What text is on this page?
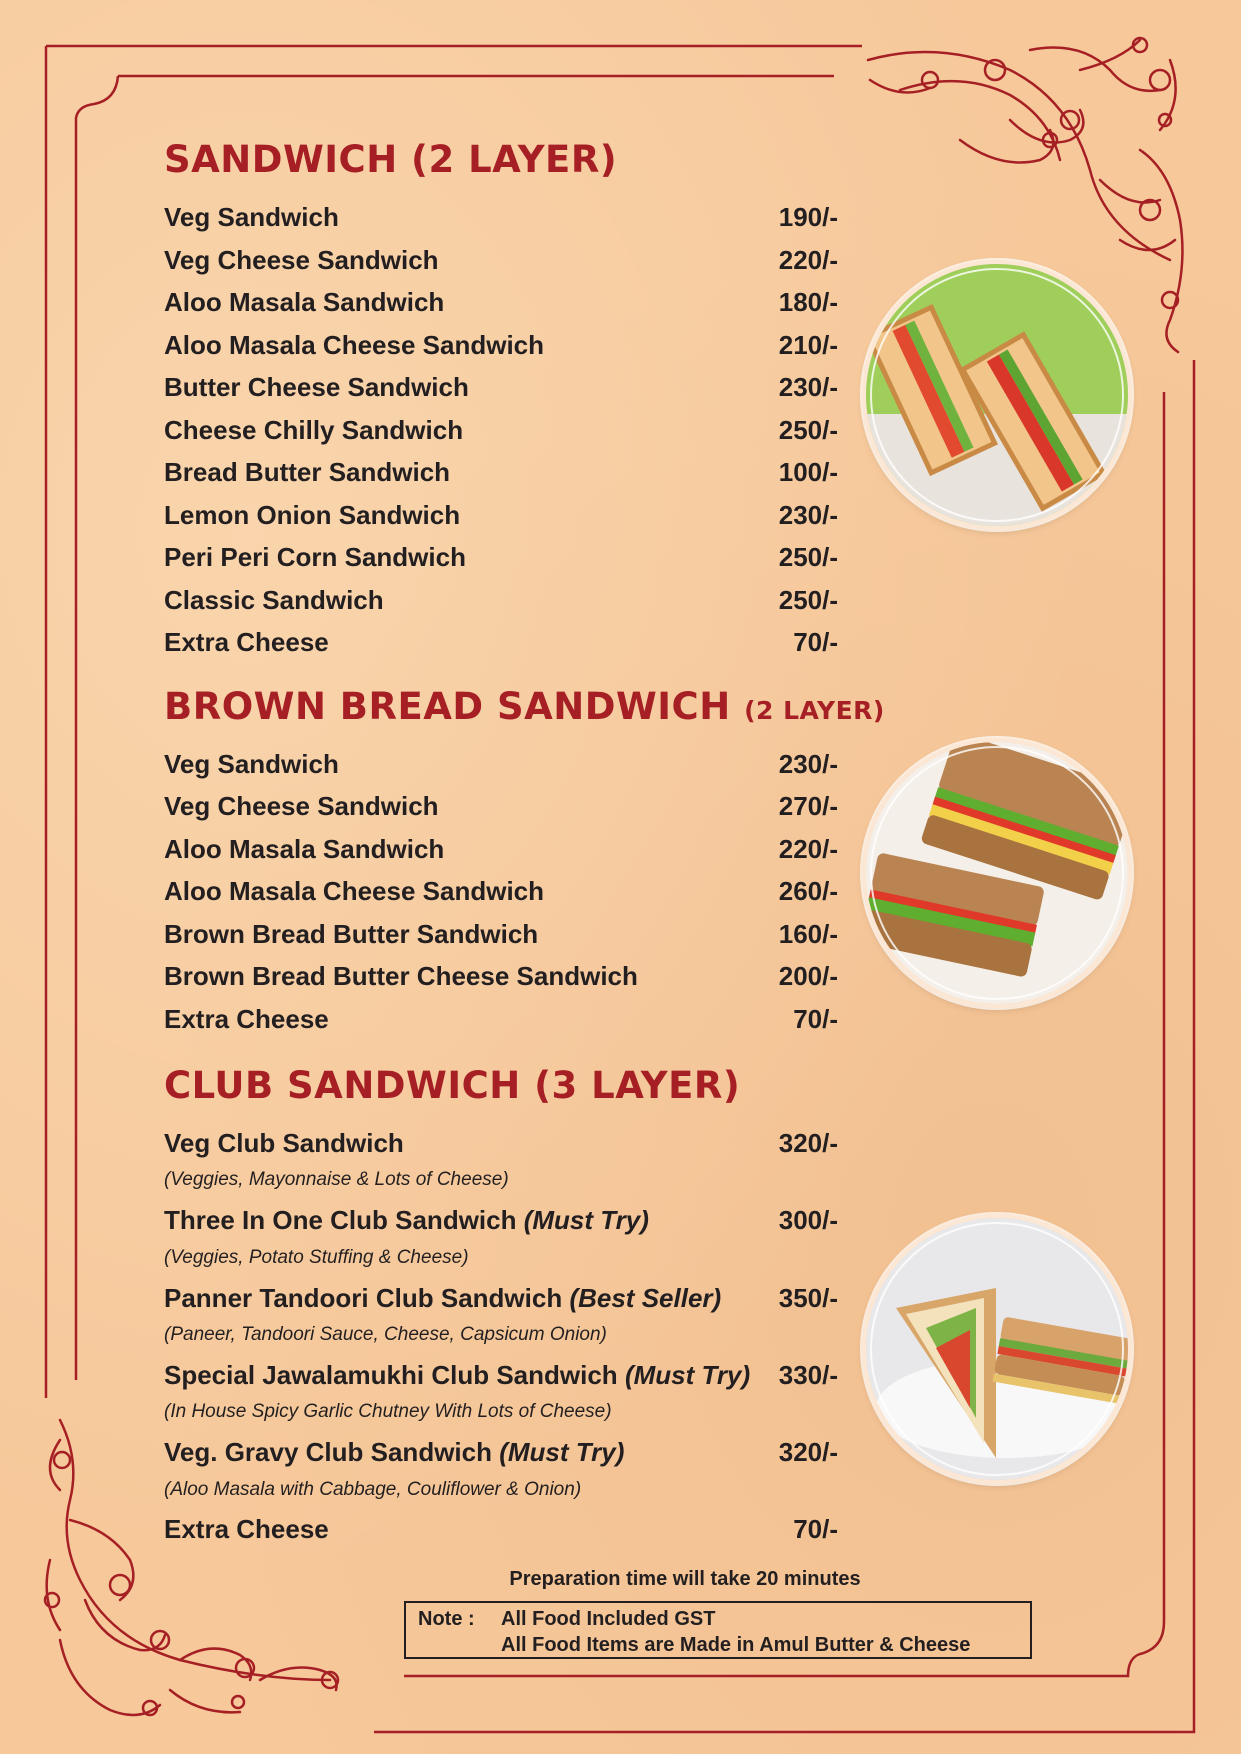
SANDWICH (2 LAYER)
Veg Sandwich	190/-
Veg Cheese Sandwich	220/-
Aloo Masala Sandwich	180/-
Aloo Masala Cheese Sandwich	210/-
Butter Cheese Sandwich	230/-
Cheese Chilly Sandwich	250/-
Bread Butter Sandwich	100/-
Lemon Onion Sandwich	230/-
Peri Peri Corn Sandwich	250/-
Classic Sandwich	250/-
Extra Cheese	70/-
BROWN BREAD SANDWICH (2 LAYER)
Veg Sandwich	230/-
Veg Cheese Sandwich	270/-
Aloo Masala Sandwich	220/-
Aloo Masala Cheese Sandwich	260/-
Brown Bread Butter Sandwich	160/-
Brown Bread Butter Cheese Sandwich	200/-
Extra Cheese	70/-
CLUB SANDWICH (3 LAYER)
Veg Club Sandwich	320/-
(Veggies, Mayonnaise & Lots of Cheese)
Three In One Club Sandwich (Must Try)	300/-
(Veggies, Potato Stuffing & Cheese)
Panner Tandoori Club Sandwich (Best Seller) 350/-
(Paneer, Tandoori Sauce, Cheese, Capsicum Onion)
Special Jawalamukhi Club Sandwich (Must Try) 330/-
(In House Spicy Garlic Chutney With Lots of Cheese)
Veg. Gravy Club Sandwich (Must Try)	320/-
(Aloo Masala with Cabbage, Couliflower & Onion)
Extra Cheese	70/-
Preparation time will take 20 minutes
Note : All Food Included GST
All Food Items are Made in Amul Butter & Cheese
